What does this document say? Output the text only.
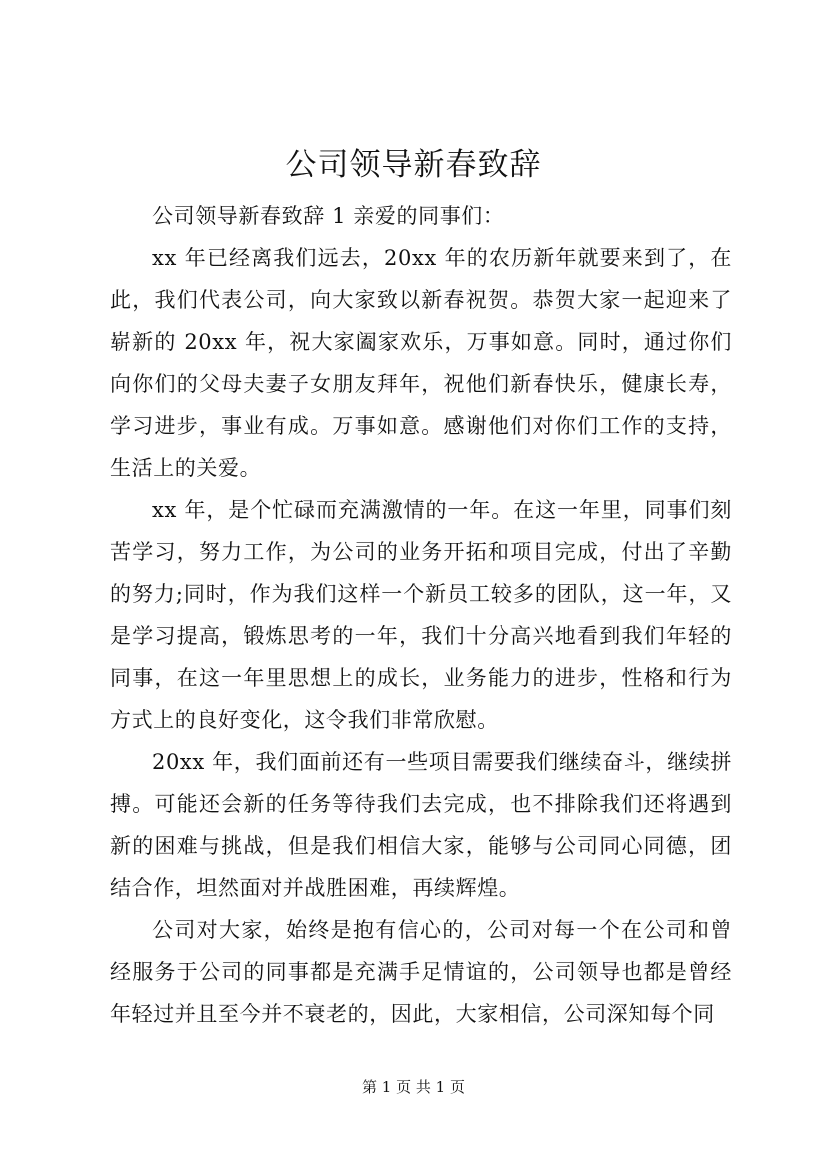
公司领导新春致辞

公司领导新春致辞 1 亲爱的同事们：

xx 年已经离我们远去，20xx 年的农历新年就要来到了，在此，我们代表公司，向大家致以新春祝贺。恭贺大家一起迎来了崭新的 20xx 年，祝大家阖家欢乐，万事如意。同时，通过你们向你们的父母夫妻子女朋友拜年，祝他们新春快乐，健康长寿，学习进步，事业有成。万事如意。感谢他们对你们工作的支持，生活上的关爱。

xx 年，是个忙碌而充满激情的一年。在这一年里，同事们刻苦学习，努力工作，为公司的业务开拓和项目完成，付出了辛勤的努力;同时，作为我们这样一个新员工较多的团队，这一年，又是学习提高，锻炼思考的一年，我们十分高兴地看到我们年轻的同事，在这一年里思想上的成长，业务能力的进步，性格和行为方式上的良好变化，这令我们非常欣慰。

20xx 年，我们面前还有一些项目需要我们继续奋斗，继续拼搏。可能还会新的任务等待我们去完成，也不排除我们还将遇到新的困难与挑战，但是我们相信大家，能够与公司同心同德，团结合作，坦然面对并战胜困难，再续辉煌。

公司对大家，始终是抱有信心的，公司对每一个在公司和曾经服务于公司的同事都是充满手足情谊的，公司领导也都是曾经年轻过并且至今并不衰老的，因此，大家相信，公司深知每个同

第 1 页 共 1 页
